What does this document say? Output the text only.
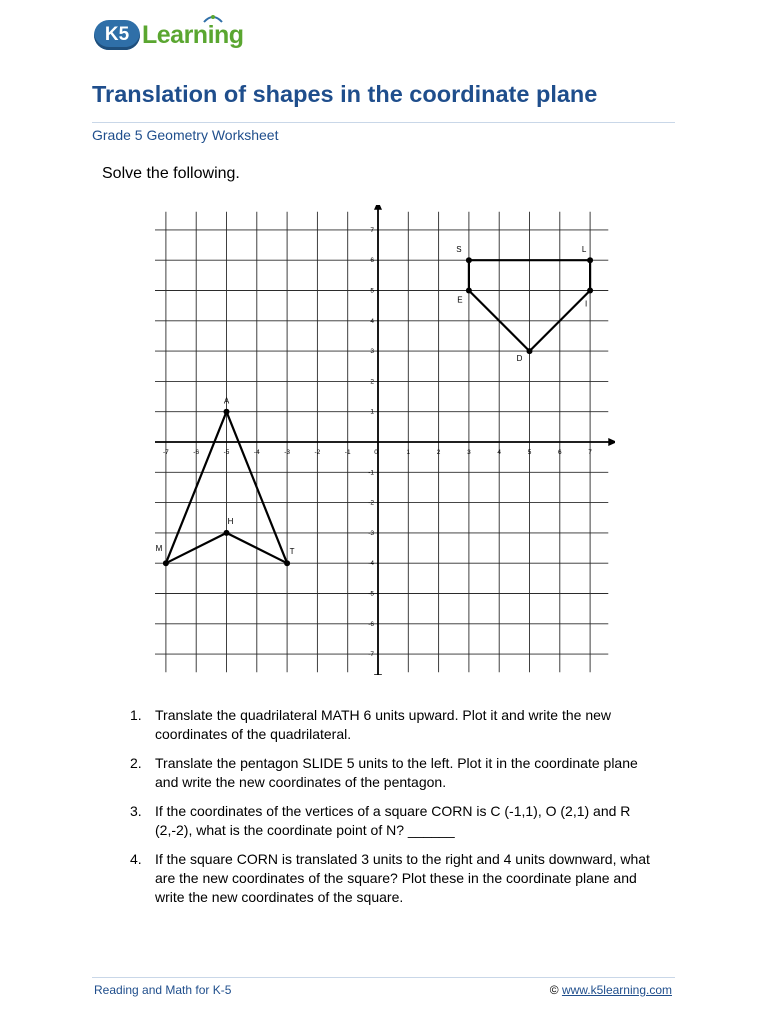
K5 Learning
Translation of shapes in the coordinate plane
Grade 5 Geometry Worksheet
Solve the following.
-7	-6	-5	-4	-3	-2	-1	0	1	2	3	4	5	6	7
7
6
5
4
3
2
1
-1
-2
-3
-4
-5
-6
-7
A
H
M	T
S	L
E	I
D
1. Translate the quadrilateral MATH 6 units upward. Plot it and write the new coordinates of the quadrilateral.
2. Translate the pentagon SLIDE 5 units to the left. Plot it in the coordinate plane and write the new coordinates of the pentagon.
3. If the coordinates of the vertices of a square CORN is C (-1,1), O (2,1) and R (2,-2), what is the coordinate point of N? ______
4. If the square CORN is translated 3 units to the right and 4 units downward, what are the new coordinates of the square? Plot these in the coordinate plane and write the new coordinates of the square.
Reading and Math for K-5	© www.k5learning.com
